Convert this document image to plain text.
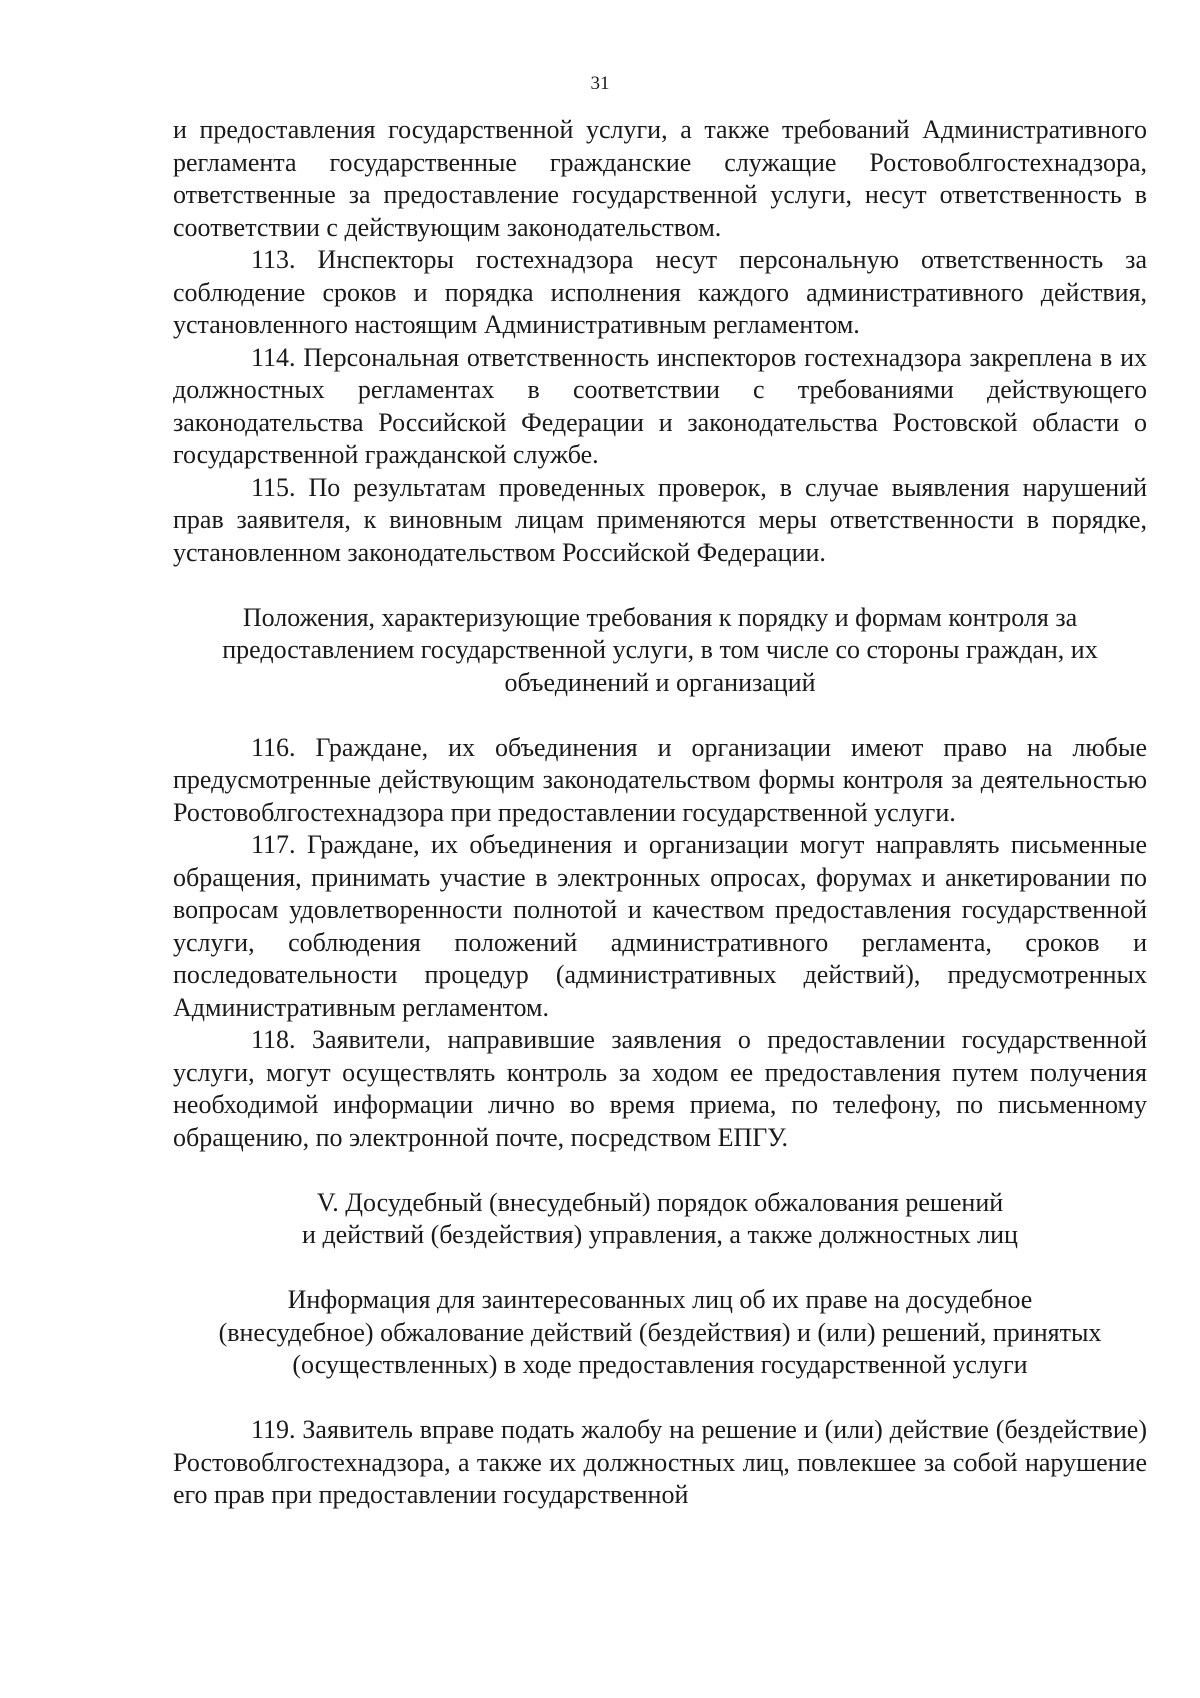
31

и предоставления государственной услуги, а также требований Административного регламента государственные гражданские служащие Ростовоблгостехнадзора, ответственные за предоставление государственной услуги, несут ответственность в соответствии с действующим законодательством.

113. Инспекторы гостехнадзора несут персональную ответственность за соблюдение сроков и порядка исполнения каждого административного действия, установленного настоящим Административным регламентом.

114. Персональная ответственность инспекторов гостехнадзора закреплена в их должностных регламентах в соответствии с требованиями действующего законодательства Российской Федерации и законодательства Ростовской области о государственной гражданской службе.

115. По результатам проведенных проверок, в случае выявления нарушений прав заявителя, к виновным лицам применяются меры ответственности в порядке, установленном законодательством Российской Федерации.

Положения, характеризующие требования к порядку и формам контроля за

предоставлением государственной услуги, в том числе со стороны граждан, их

объединений и организаций

116. Граждане, их объединения и организации имеют право на любые предусмотренные действующим законодательством формы контроля за деятельностью Ростовоблгостехнадзора при предоставлении государственной услуги.

117. Граждане, их объединения и организации могут направлять письменные обращения, принимать участие в электронных опросах, форумах и анкетировании по вопросам удовлетворенности полнотой и качеством предоставления государственной услуги, соблюдения положений административного регламента, сроков и последовательности процедур (административных действий), предусмотренных Административным регламентом.

118. Заявители, направившие заявления о предоставлении государственной услуги, могут осуществлять контроль за ходом ее предоставления путем получения необходимой информации лично во время приема, по телефону, по письменному обращению, по электронной почте, посредством ЕПГУ.

V. Досудебный (внесудебный) порядок обжалования решений

и действий (бездействия) управления, а также должностных лиц

Информация для заинтересованных лиц об их праве на досудебное

(внесудебное) обжалование действий (бездействия) и (или) решений, принятых

(осуществленных) в ходе предоставления государственной услуги

119. Заявитель вправе подать жалобу на решение и (или) действие (бездействие) Ростовоблгостехнадзора, а также их должностных лиц, повлекшее за собой нарушение его прав при предоставлении государственной
